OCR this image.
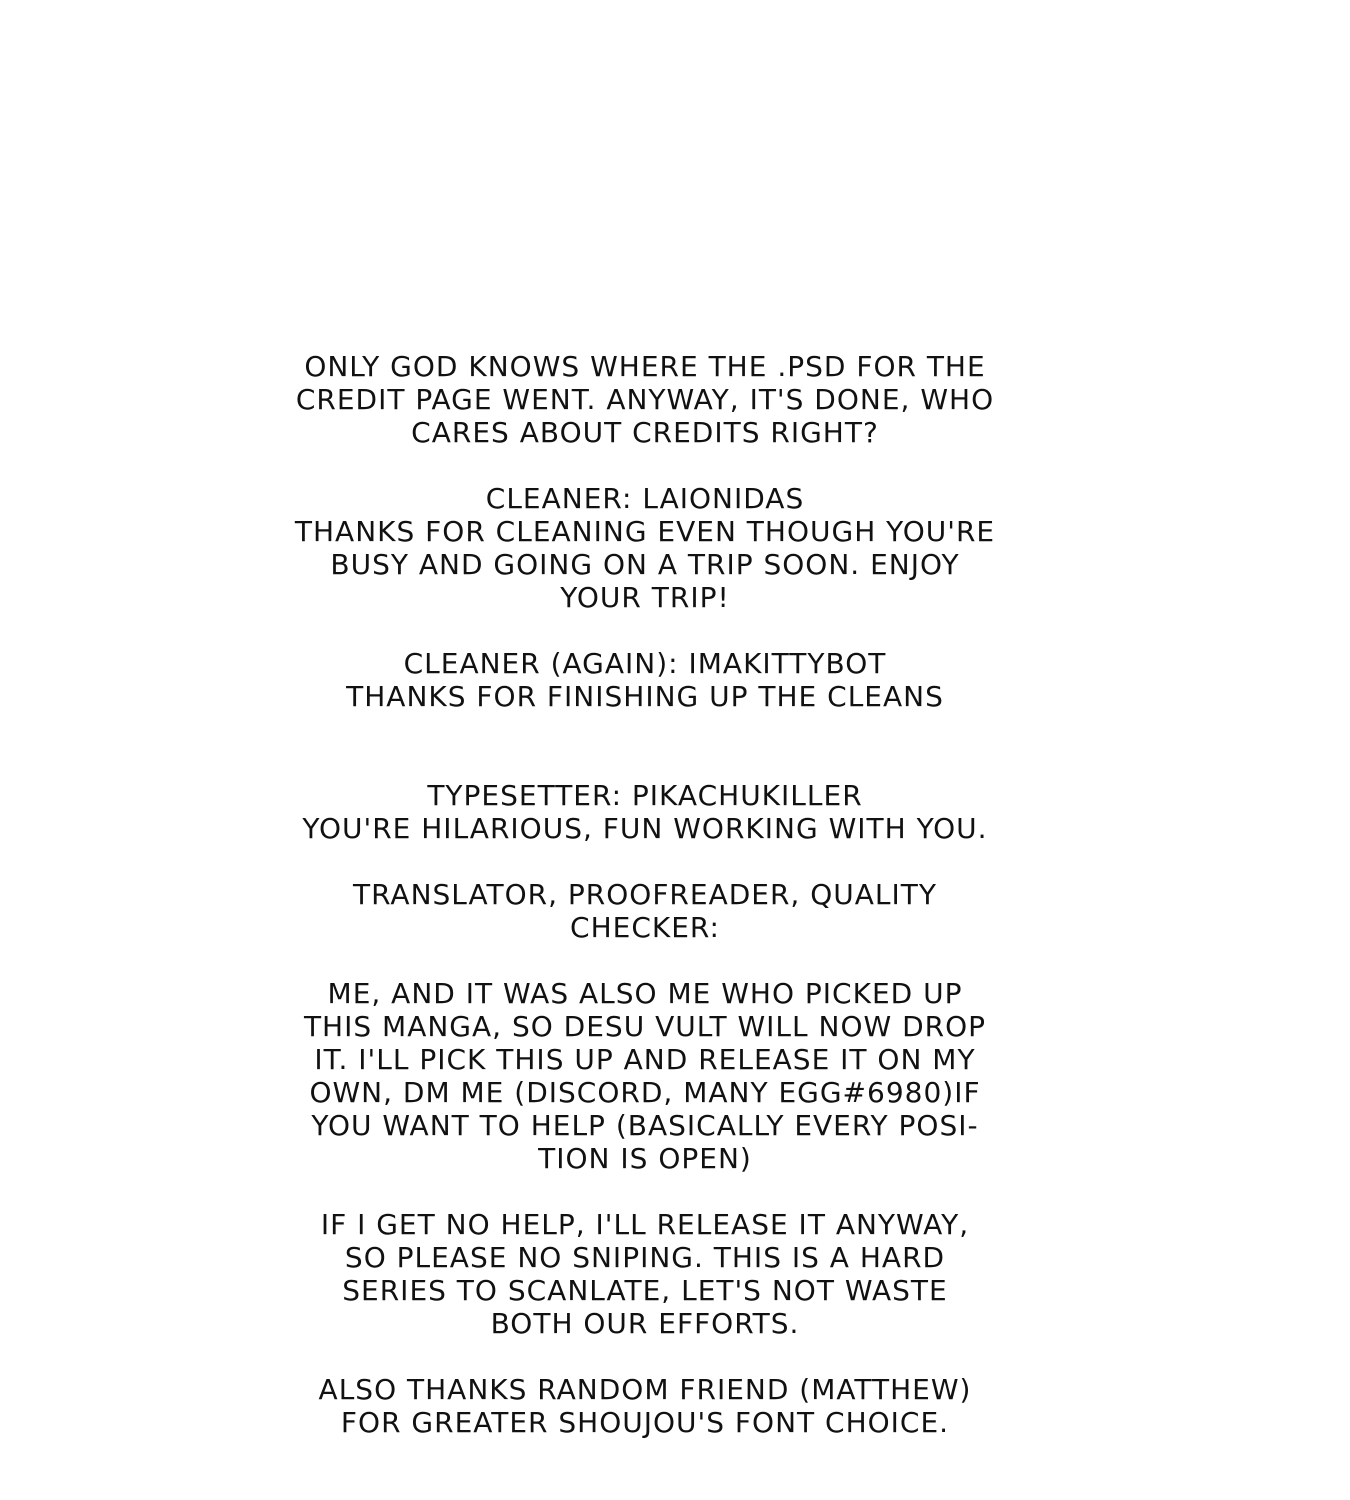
ONLY GOD KNOWS WHERE THE .PSD FOR THE
CREDIT PAGE WENT. ANYWAY, IT'S DONE, WHO
CARES ABOUT CREDITS RIGHT?
CLEANER: LAIONIDAS
THANKS FOR CLEANING EVEN THOUGH YOU'RE
BUSY AND GOING ON A TRIP SOON. ENJOY
YOUR TRIP!
CLEANER (AGAIN): IMAKITTYBOT
THANKS FOR FINISHING UP THE CLEANS
TYPESETTER: PIKACHUKILLER
YOU'RE HILARIOUS, FUN WORKING WITH YOU.
TRANSLATOR, PROOFREADER, QUALITY
CHECKER:
ME, AND IT WAS ALSO ME WHO PICKED UP
THIS MANGA, SO DESU VULT WILL NOW DROP
IT. I'LL PICK THIS UP AND RELEASE IT ON MY
OWN, DM ME (DISCORD, MANY EGG#6980)IF
YOU WANT TO HELP (BASICALLY EVERY POSI-
TION IS OPEN)
IF I GET NO HELP, I'LL RELEASE IT ANYWAY,
SO PLEASE NO SNIPING. THIS IS A HARD
SERIES TO SCANLATE, LET'S NOT WASTE
BOTH OUR EFFORTS.
ALSO THANKS RANDOM FRIEND (MATTHEW)
FOR GREATER SHOUJOU'S FONT CHOICE.
